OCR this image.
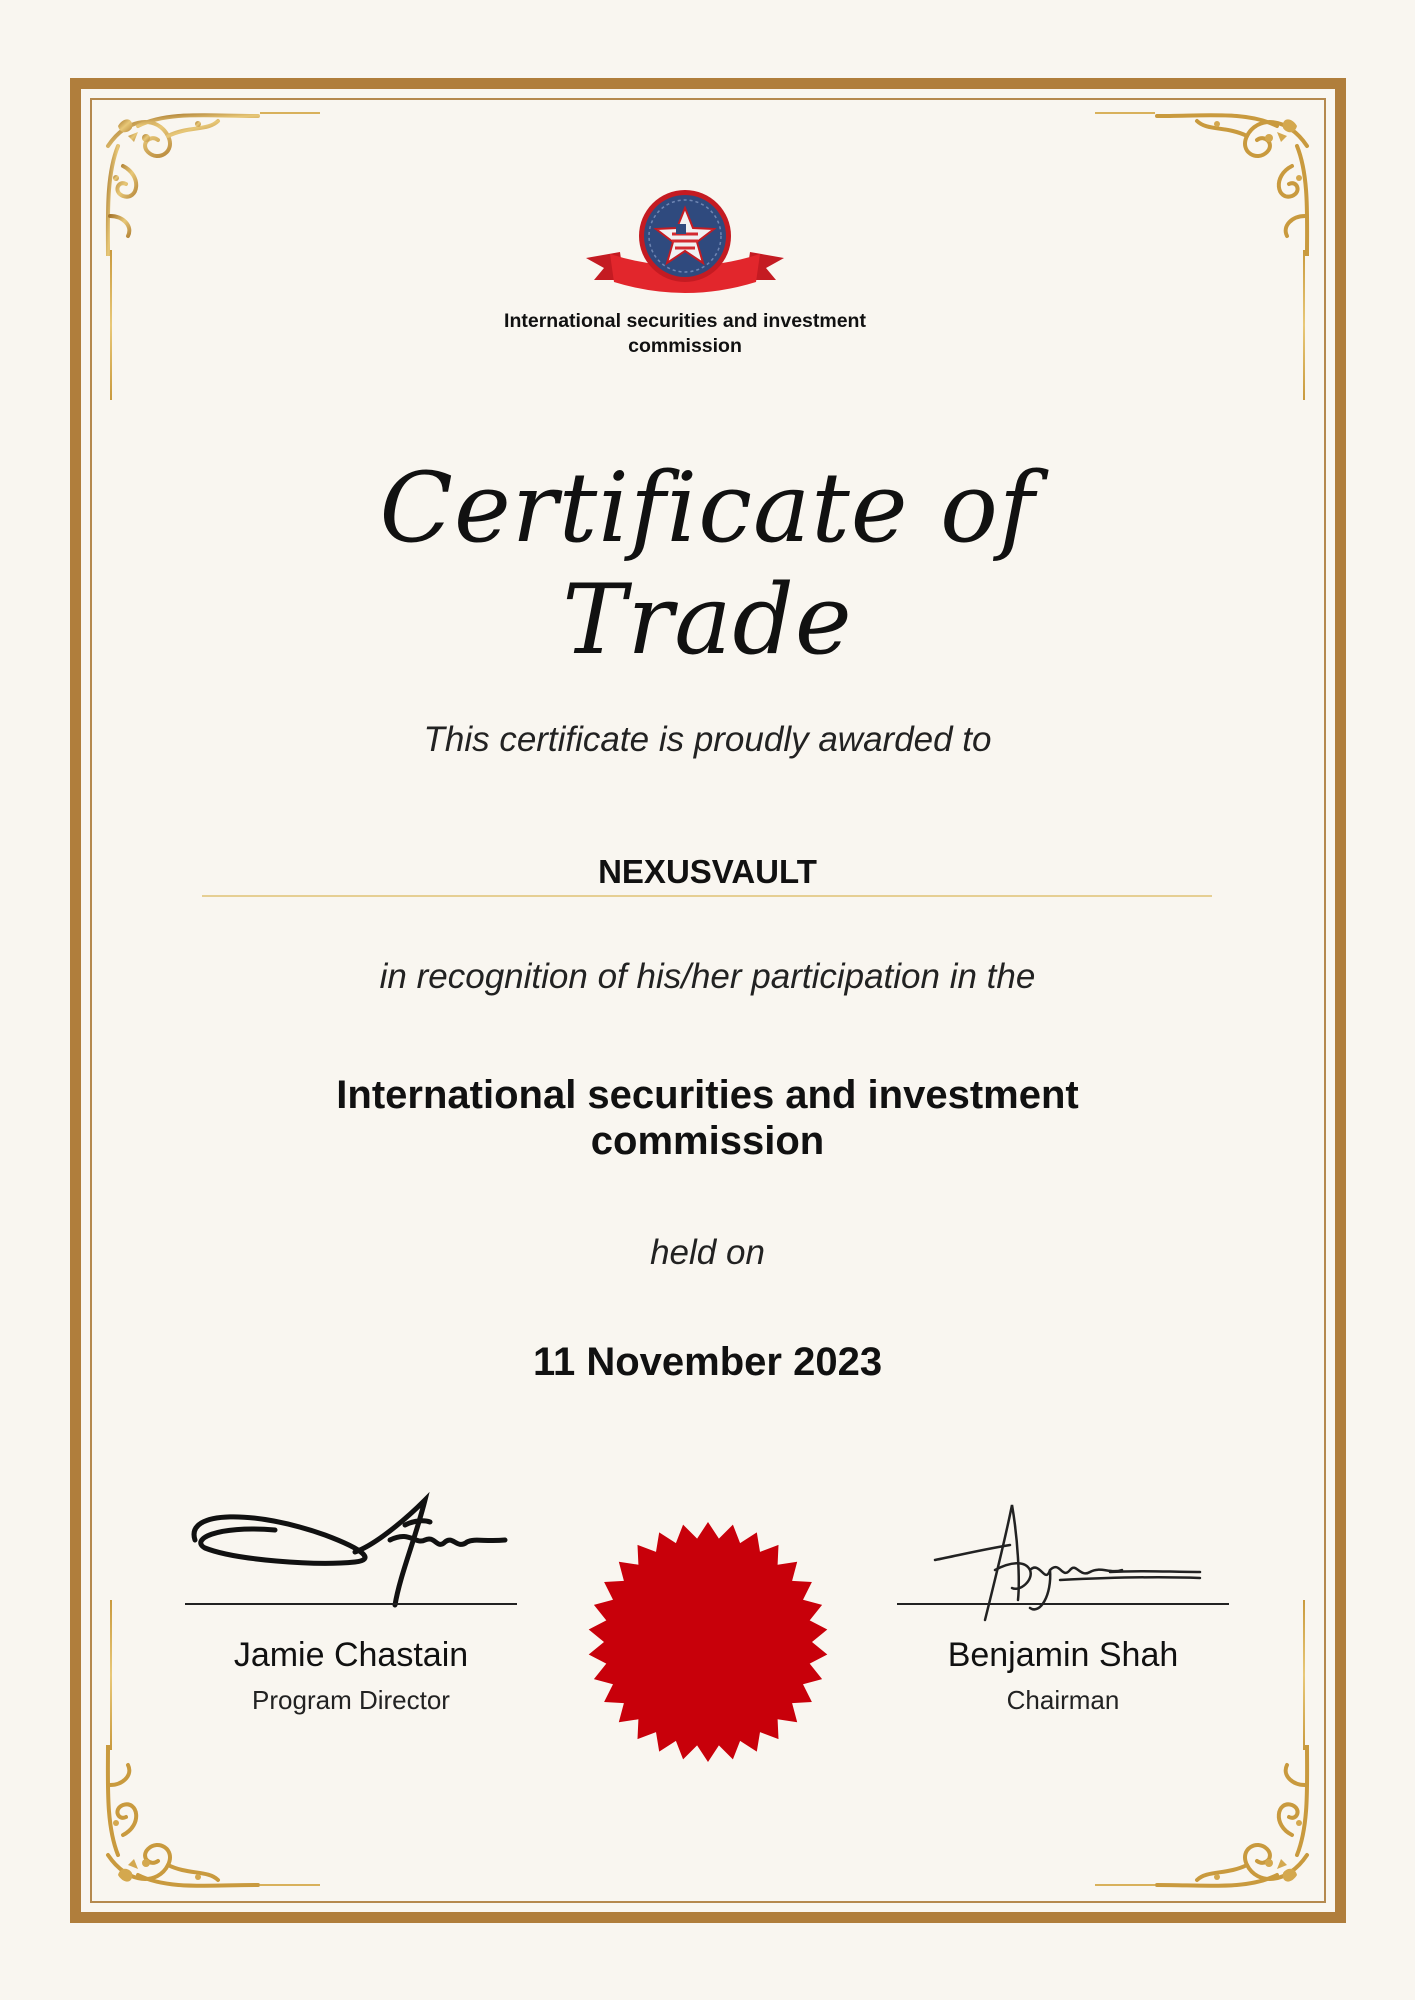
International securities and investment
commission
Certificate of Trade
This certificate is proudly awarded to
NEXUSVAULT
in recognition of his/her participation in the
International securities and investment
commission
held on
11 November 2023
Jamie Chastain
Program Director
Benjamin Shah
Chairman
